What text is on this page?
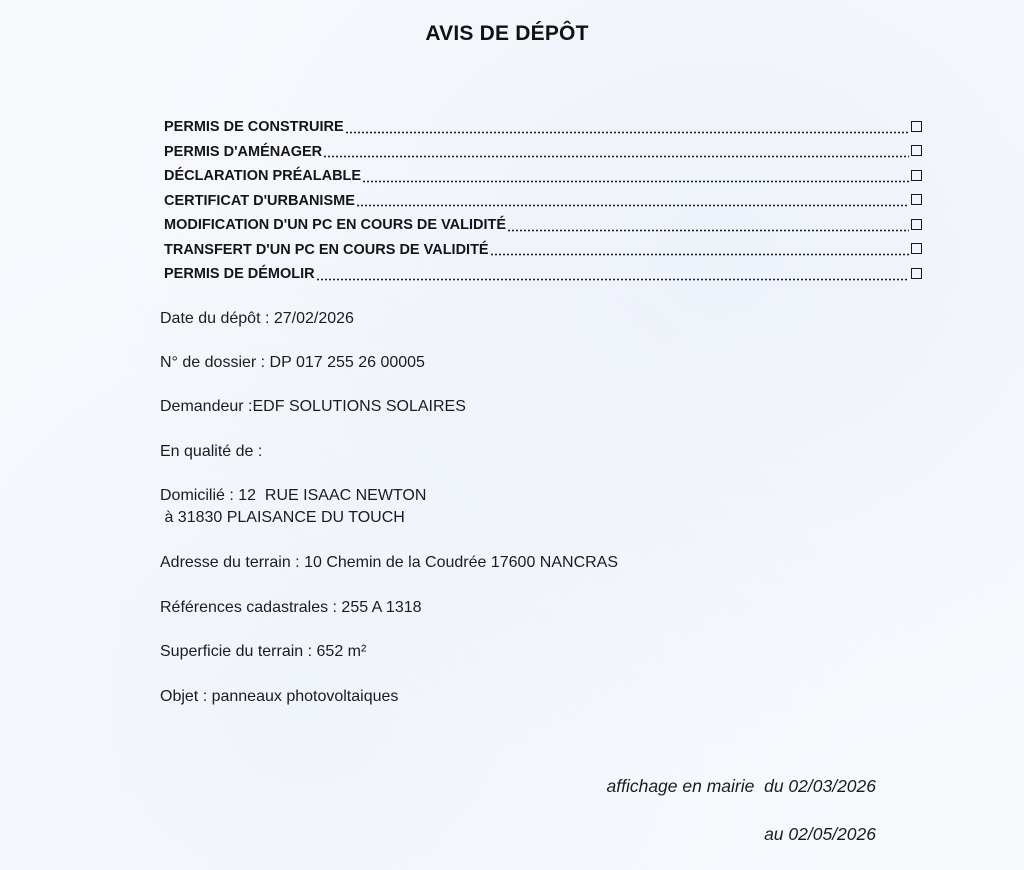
AVIS DE DÉPÔT
PERMIS DE CONSTRUIRE
PERMIS D'AMÉNAGER
DÉCLARATION PRÉALABLE
CERTIFICAT D'URBANISME
MODIFICATION D'UN PC EN COURS DE VALIDITÉ
TRANSFERT D'UN PC EN COURS DE VALIDITÉ
PERMIS DE DÉMOLIR
Date du dépôt : 27/02/2026
N° de dossier : DP 017 255 26 00005
Demandeur :EDF SOLUTIONS SOLAIRES
En qualité de :
Domicilié : 12  RUE ISAAC NEWTON
à 31830 PLAISANCE DU TOUCH
Adresse du terrain : 10 Chemin de la Coudrée 17600 NANCRAS
Références cadastrales : 255 A 1318
Superficie du terrain : 652 m²
Objet : panneaux photovoltaiques
affichage en mairie  du 02/03/2026
au 02/05/2026
